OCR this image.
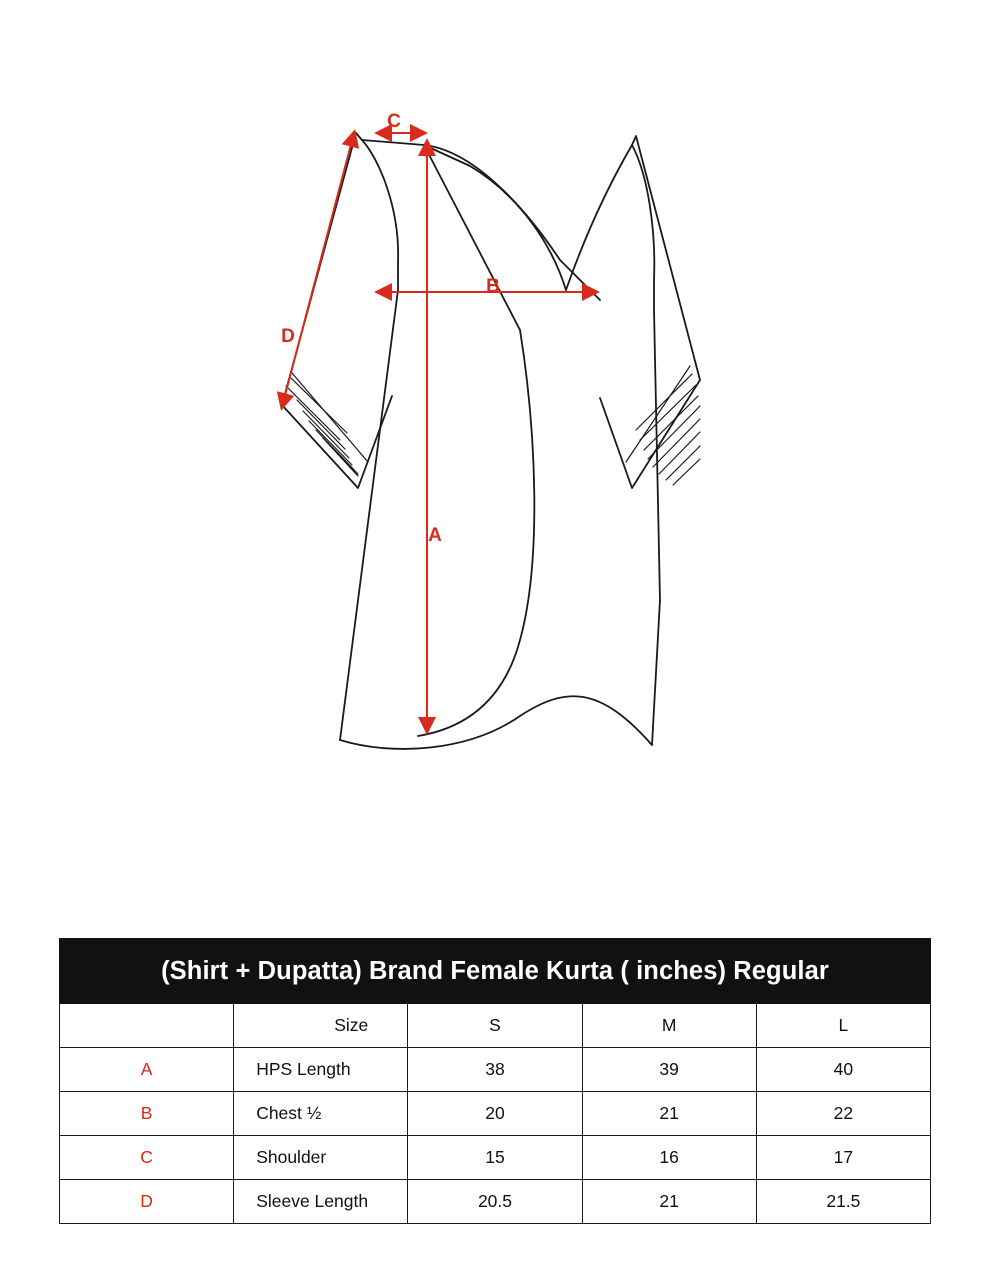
C
D
B
A
(Shirt + Dupatta) Brand Female Kurta ( inches) Regular				
	Size	S	M	L
A	HPS Length	38	39	40
B	Chest ½	20	21	22
C	Shoulder	15	16	17
D	Sleeve Length	20.5	21	21.5
